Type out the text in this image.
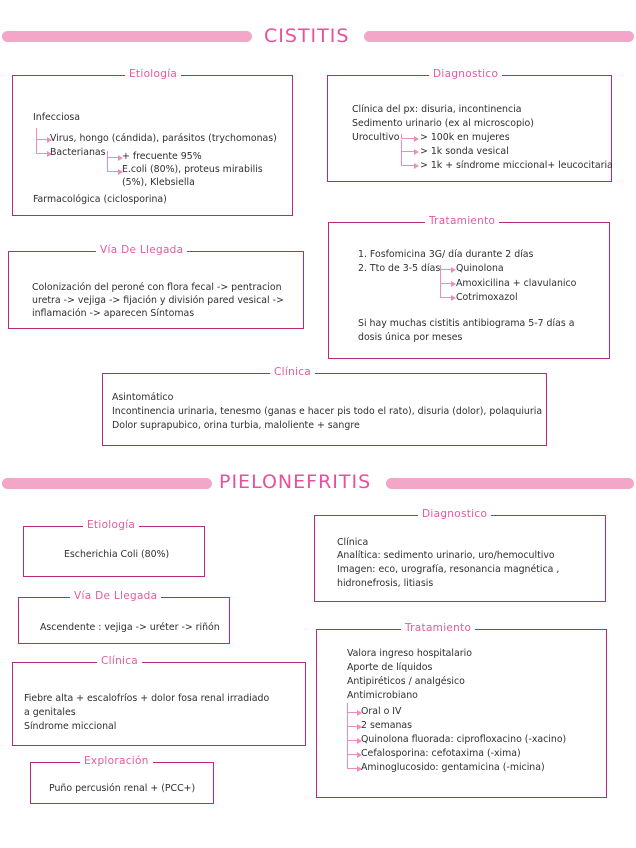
CISTITIS
Etiología
Infecciosa
Virus, hongo (cándida), parásitos (trychomonas)
Bacterianas + frecuente 95%
E.coli (80%), proteus mirabilis
(5%), Klebsiella
Farmacológica (ciclosporina)
Diagnostico
Clínica del px: disuria, incontinencia
Sedimento urinario (ex al microscopio)
Urocultivo > 100k en mujeres
> 1k sonda vesical
> 1k + síndrome miccional+ leucocitaria
Vía De Llegada
Colonización del peroné con flora fecal -> pentracion
uretra -> vejiga -> fijación y división pared vesical ->
inflamación -> aparecen Síntomas
Tratamiento
1. Fosfomicina 3G/ día durante 2 días
2. Tto de 3-5 días Quinolona
Amoxicilina + clavulanico
Cotrimoxazol
Si hay muchas cistitis antibiograma 5-7 días a
dosis única por meses
Clínica
Asintomático
Incontinencia urinaria, tenesmo (ganas e hacer pis todo el rato), disuria (dolor), polaquiuria
Dolor suprapubico, orina turbia, maloliente + sangre
PIELONEFRITIS
Etiología
Escherichia Coli (80%)
Vía De Llegada
Ascendente : vejiga -> uréter -> riñón
Clínica
Fiebre alta + escalofríos + dolor fosa renal irradiado
a genitales
Síndrome miccional
Exploración
Puño percusión renal + (PCC+)
Diagnostico
Clínica
Analítica: sedimento urinario, uro/hemocultivo
Imagen: eco, urografía, resonancia magnética ,
hidronefrosis, litiasis
Tratamiento
Valora ingreso hospitalario
Aporte de líquidos
Antipiréticos / analgésico
Antimicrobiano
Oral o IV
2 semanas
Quinolona fluorada: ciprofloxacino (-xacino)
Cefalosporina: cefotaxima (-xima)
Aminoglucosido: gentamicina (-micina)
